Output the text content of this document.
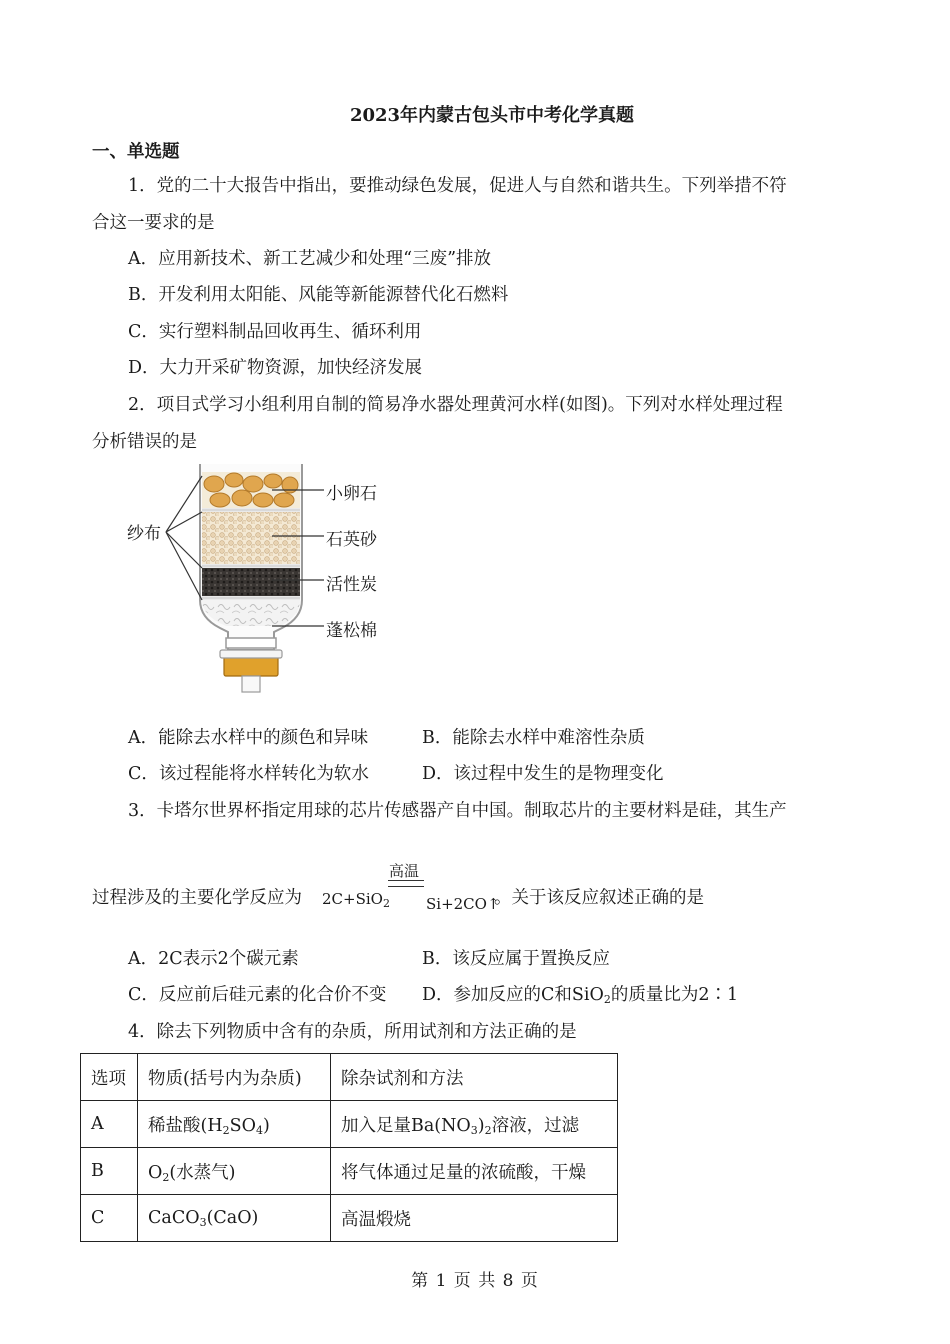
2023年内蒙古包头市中考化学真题
一、单选题
1．党的二十大报告中指出，要推动绿色发展，促进人与自然和谐共生。下列举措不符
合这一要求的是
A．应用新技术、新工艺减少和处理“三废”排放
B．开发利用太阳能、风能等新能源替代化石燃料
C．实行塑料制品回收再生、循环利用
D．大力开采矿物资源，加快经济发展
2．项目式学习小组利用自制的简易净水器处理黄河水样(如图)。下列对水样处理过程
分析错误的是
纱布
小卵石
石英砂
活性炭
蓬松棉
A．能除去水样中的颜色和异味	B．能除去水样中难溶性杂质
C．该过程能将水样转化为软水	D．该过程中发生的是物理变化
3．卡塔尔世界杯指定用球的芯片传感器产自中国。制取芯片的主要材料是硅，其生产
过程涉及的主要化学反应为 2C+SiO$_2$
高温
Si+2CO↑
。关于该反应叙述正确的是
A．2C表示2个碳元素	B．该反应属于置换反应
C．反应前后硅元素的化合价不变 D．参加反应的C和SiO$_2$的质量比为2∶1
4．除去下列物质中含有的杂质，所用试剂和方法正确的是
选项	物质(括号内为杂质)	除杂试剂和方法
A	稀盐酸$(H_2SO_4)$	加入足量$Ba(NO_3)_2$溶液，过滤
B	$O_2$(水蒸气)	将气体通过足量的浓硫酸，干燥
C	CaCO$_3$(CaO)	高温煅烧
第 1 页 共 8 页
